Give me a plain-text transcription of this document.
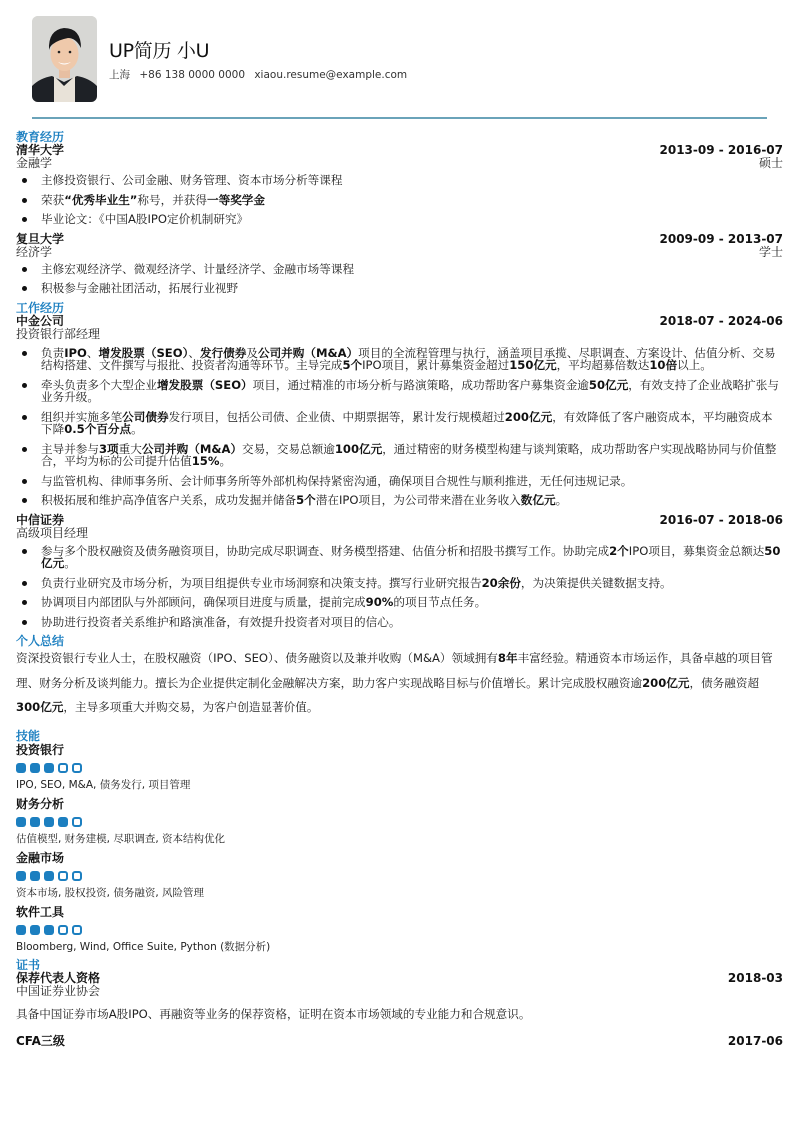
UP简历 小U
上海 +86 138 0000 0000 xiaou.resume@example.com
教育经历
清华大学
金融学
2013-09 - 2016-07
硕士
主修投资银行、公司金融、财务管理、资本市场分析等课程
荣获“优秀毕业生”称号，并获得一等奖学金
毕业论文：《中国A股IPO定价机制研究》
复旦大学
经济学
2009-09 - 2013-07
学士
主修宏观经济学、微观经济学、计量经济学、金融市场等课程
积极参与金融社团活动，拓展行业视野
工作经历
中金公司
投资银行部经理
2018-07 - 2024-06
负责IPO、增发股票（SEO）、发行债券及公司并购（M&A）项目的全流程管理与执行，涵盖项目承揽、尽职调查、方案设计、估值分析、交易结构搭建、文件撰写与报批、投资者沟通等环节。主导完成5个IPO项目，累计募集资金超过150亿元，平均超募倍数达10倍以上。
牵头负责多个大型企业增发股票（SEO）项目，通过精准的市场分析与路演策略，成功帮助客户募集资金逾50亿元，有效支持了企业战略扩张与业务升级。
组织并实施多笔公司债券发行项目，包括公司债、企业债、中期票据等，累计发行规模超过200亿元，有效降低了客户融资成本，平均融资成本下降0.5个百分点。
主导并参与3项重大公司并购（M&A）交易，交易总额逾100亿元，通过精密的财务模型构建与谈判策略，成功帮助客户实现战略协同与价值整合，平均为标的公司提升估值15%。
与监管机构、律师事务所、会计师事务所等外部机构保持紧密沟通，确保项目合规性与顺利推进，无任何违规记录。
积极拓展和维护高净值客户关系，成功发掘并储备5个潜在IPO项目，为公司带来潜在业务收入数亿元。
中信证券
高级项目经理
2016-07 - 2018-06
参与多个股权融资及债务融资项目，协助完成尽职调查、财务模型搭建、估值分析和招股书撰写工作。协助完成2个IPO项目，募集资金总额达50亿元。
负责行业研究及市场分析，为项目组提供专业市场洞察和决策支持。撰写行业研究报告20余份，为决策提供关键数据支持。
协调项目内部团队与外部顾问，确保项目进度与质量，提前完成90%的项目节点任务。
协助进行投资者关系维护和路演准备，有效提升投资者对项目的信心。
个人总结
资深投资银行专业人士，在股权融资（IPO、SEO）、债务融资以及兼并收购（M&A）领域拥有8年丰富经验。精通资本市场运作，具备卓越的项目管理、财务分析及谈判能力。擅长为企业提供定制化金融解决方案，助力客户实现战略目标与价值增长。累计完成股权融资逾200亿元，债务融资超300亿元，主导多项重大并购交易，为客户创造显著价值。
技能
投资银行
IPO, SEO, M&A, 债务发行, 项目管理
财务分析
估值模型, 财务建模, 尽职调查, 资本结构优化
金融市场
资本市场, 股权投资, 债务融资, 风险管理
软件工具
Bloomberg, Wind, Office Suite, Python (数据分析)
证书
保荐代表人资格
中国证券业协会
2018-03
具备中国证券市场A股IPO、再融资等业务的保荐资格，证明在资本市场领域的专业能力和合规意识。
CFA三级	2017-06
